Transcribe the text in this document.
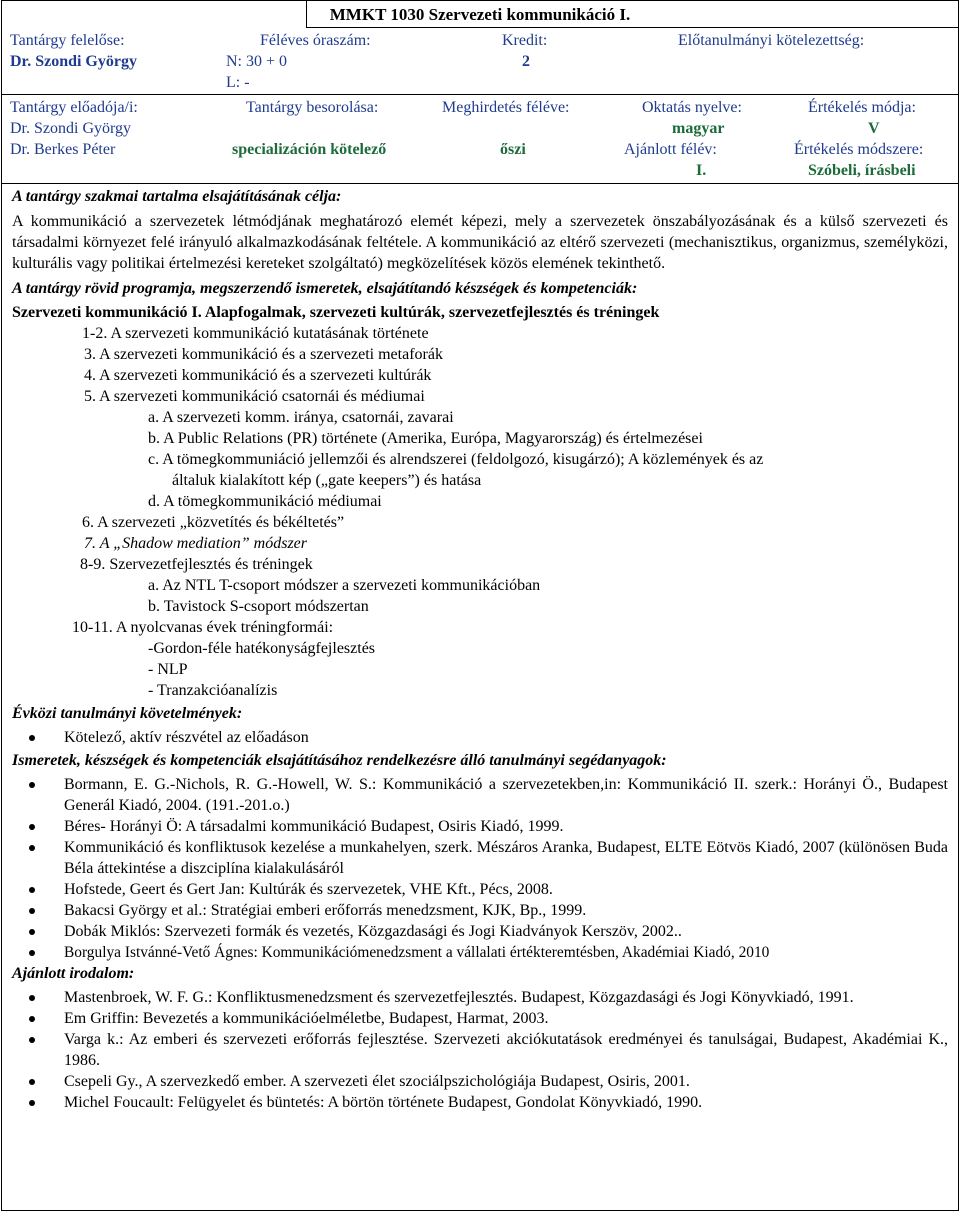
MMKT 1030 Szervezeti kommunikáció I.
Tantárgy felelőse:
Dr. Szondi György
Féléves óraszám:
N: 30 + 0
L: -
Kredit:
2
Előtanulmányi kötelezettség:
Tantárgy előadója/i:
Dr. Szondi György
Dr. Berkes Péter
Tantárgy besorolása:
specializáción kötelező
Meghirdetés féléve:
őszi
Oktatás nyelve:
magyar
Ajánlott félév:
I.
Értékelés módja:
V
Értékelés módszere:
Szóbeli, írásbeli
A tantárgy szakmai tartalma elsajátításának célja:
A kommunikáció a szervezetek létmódjának meghatározó elemét képezi, mely a szervezetek önszabályozásának és a külső szervezeti és társadalmi környezet felé irányuló alkalmazkodásának feltétele. A kommunikáció az eltérő szervezeti (mechanisztikus, organizmus, személyközi, kulturális vagy politikai értelmezési kereteket szolgáltató) megközelítések közös elemének tekinthető.
A tantárgy rövid programja, megszerzendő ismeretek, elsajátítandó készségek és kompetenciák:
Szervezeti kommunikáció I. Alapfogalmak, szervezeti kultúrák, szervezetfejlesztés és tréningek
1-2. A szervezeti kommunikáció kutatásának története
3. A szervezeti kommunikáció és a szervezeti metaforák
4. A szervezeti kommunikáció és a szervezeti kultúrák
5. A szervezeti kommunikáció csatornái és médiumai
a. A szervezeti komm. iránya, csatornái, zavarai
b. A Public Relations (PR) története (Amerika, Európa, Magyarország) és értelmezései
c. A tömegkommuniáció jellemzői és alrendszerei (feldolgozó, kisugárzó); A közlemények és az
általuk kialakított kép („gate keepers”) és hatása
d. A tömegkommunikáció médiumai
6. A szervezeti „közvetítés és békéltetés”
7. A „Shadow mediation” módszer
8-9. Szervezetfejlesztés és tréningek
a. Az NTL T-csoport módszer a szervezeti kommunikációban
b. Tavistock S-csoport módszertan
10-11. A nyolcvanas évek tréningformái:
-Gordon-féle hatékonyságfejlesztés
- NLP
- Tranzakcióanalízis
Évközi tanulmányi követelmények:
Kötelező, aktív részvétel az előadáson
Ismeretek, készségek és kompetenciák elsajátításához rendelkezésre álló tanulmányi segédanyagok:
Bormann, E. G.-Nichols, R. G.-Howell, W. S.: Kommunikáció a szervezetekben,in: Kommunikáció II. szerk.: Horányi Ö., Budapest Generál Kiadó, 2004. (191.-201.o.)
Béres- Horányi Ö: A társadalmi kommunikáció Budapest, Osiris Kiadó, 1999.
Kommunikáció és konfliktusok kezelése a munkahelyen, szerk. Mészáros Aranka, Budapest, ELTE Eötvös Kiadó, 2007 (különösen Buda Béla áttekintése a diszciplína kialakulásáról
Hofstede, Geert és Gert Jan: Kultúrák és szervezetek, VHE Kft., Pécs, 2008.
Bakacsi György et al.: Stratégiai emberi erőforrás menedzsment, KJK, Bp., 1999.
Dobák Miklós: Szervezeti formák és vezetés, Közgazdasági és Jogi Kiadványok Kerszöv, 2002..
Borgulya Istvánné-Vető Ágnes: Kommunikációmenedzsment a vállalati értékteremtésben, Akadémiai Kiadó, 2010
Ajánlott irodalom:
Mastenbroek, W. F. G.: Konfliktusmenedzsment és szervezetfejlesztés. Budapest, Közgazdasági és Jogi Könyvkiadó, 1991.
Em Griffin: Bevezetés a kommunikációelméletbe, Budapest, Harmat, 2003.
Varga k.: Az emberi és szervezeti erőforrás fejlesztése. Szervezeti akciókutatások eredményei és tanulságai, Budapest, Akadémiai K., 1986.
Csepeli Gy., A szervezkedő ember. A szervezeti élet szociálpszichológiája Budapest, Osiris, 2001.
Michel Foucault: Felügyelet és büntetés: A börtön története Budapest, Gondolat Könyvkiadó, 1990.
